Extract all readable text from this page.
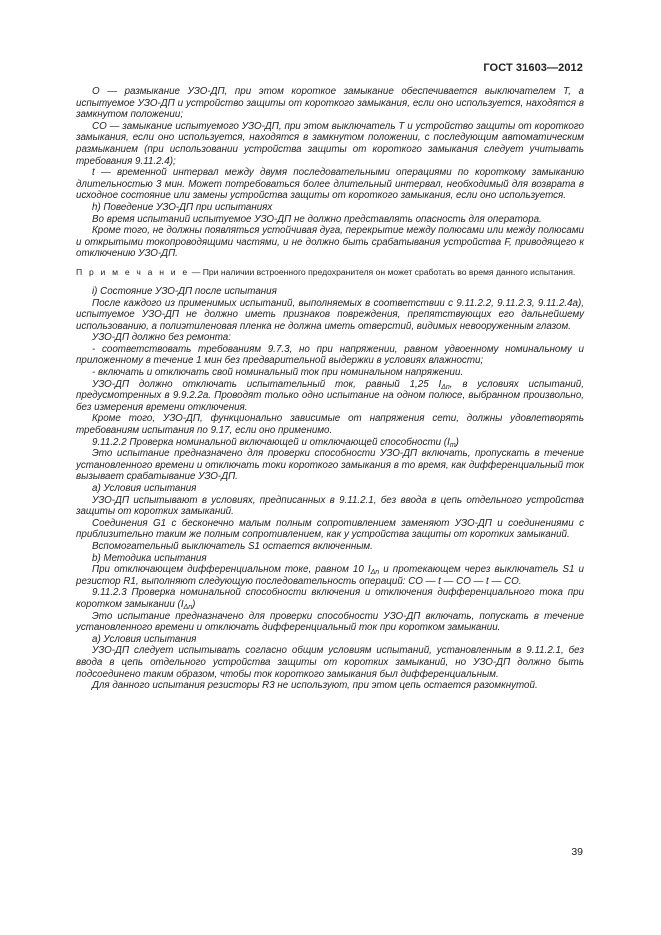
ГОСТ 31603—2012

O — размыкание УЗО-ДП, при этом короткое замыкание обеспечивается выключателем T, а испытуемое УЗО-ДП и устройство защиты от короткого замыкания, если оно используется, находятся в замкнутом положении;

CO — замыкание испытуемого УЗО-ДП, при этом выключатель T и устройство защиты от короткого замыкания, если оно используется, находятся в замкнутом положении, с последующим автоматическим размыканием (при использовании устройства защиты от короткого замыкания следует учитывать требования 9.11.2.4);

t — временной интервал между двумя последовательными операциями по короткому замыканию длительностью 3 мин. Может потребоваться более длительный интервал, необходимый для возврата в исходное состояние или замены устройства защиты от короткого замыкания, если оно используется.

h) Поведение УЗО-ДП при испытаниях

Во время испытаний испытуемое УЗО-ДП не должно представлять опасность для оператора.

Кроме того, не должны появляться устойчивая дуга, перекрытие между полюсами или между полюсами и открытыми токопроводящими частями, и не должно быть срабатывания устройства F, приводящего к отключению УЗО-ДП.

П р и м е ч а н и е — При наличии встроенного предохранителя он может сработать во время данного испытания.

i) Состояние УЗО-ДП после испытания

После каждого из применимых испытаний, выполняемых в соответствии с 9.11.2.2, 9.11.2.3, 9.11.2.4а), испытуемое УЗО-ДП не должно иметь признаков повреждения, препятствующих его дальнейшему использованию, а полиэтиленовая пленка не должна иметь отверстий, видимых невооруженным глазом.

УЗО-ДП должно без ремонта:

- соответствовать требованиям 9.7.3, но при напряжении, равном удвоенному номинальному и приложенному в течение 1 мин без предварительной выдержки в условиях влажности;

- включать и отключать свой номинальный ток при номинальном напряжении.

УЗО-ДП должно отключать испытательный ток, равный 1,25 $I_{\Delta n}$, в условиях испытаний, предусмотренных в 9.9.2.2а. Проводят только одно испытание на одном полюсе, выбранном произвольно, без измерения времени отключения.

Кроме того, УЗО-ДП, функционально зависимые от напряжения сети, должны удовлетворять требованиям испытания по 9.17, если оно применимо.

9.11.2.2 Проверка номинальной включающей и отключающей способности $(I_m)$

Это испытание предназначено для проверки способности УЗО-ДП включать, пропускать в течение установленного времени и отключать токи короткого замыкания в то время, как дифференциальный ток вызывает срабатывание УЗО-ДП.

а) Условия испытания

УЗО-ДП испытывают в условиях, предписанных в 9.11.2.1, без ввода в цепь отдельного устройства защиты от коротких замыканий.

Соединения G1 с бесконечно малым полным сопротивлением заменяют УЗО-ДП и соединениями с приблизительно таким же полным сопротивлением, как у устройства защиты от коротких замыканий.

Вспомогательный выключатель S1 остается включенным.

b) Методика испытания

При отключающем дифференциальном токе, равном 10 $I_{\Delta n}$ и протекающем через выключатель S1 и резистор R1, выполняют следующую последовательность операций: CO — t — CO — t — CO.

9.11.2.3 Проверка номинальной способности включения и отключения дифференциального тока при коротком замыкании $(I_{\Delta n})$

Это испытание предназначено для проверки способности УЗО-ДП включать, попускать в течение установленного времени и отключать дифференциальный ток при коротком замыкании.

а) Условия испытания

УЗО-ДП следует испытывать согласно общим условиям испытаний, установленным в 9.11.2.1, без ввода в цепь отдельного устройства защиты от коротких замыканий, но УЗО-ДП должно быть подсоединено таким образом, чтобы ток короткого замыкания был дифференциальным.

Для данного испытания резисторы R3 не используют, при этом цепь остается разомкнутой.

39
